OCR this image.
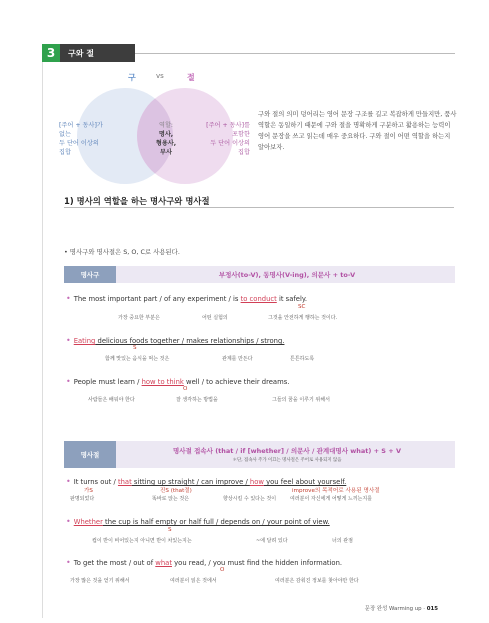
3	구와 절
구	vs	절
[주어 + 동사]가
없는
두 단어 이상의
집합
역할:
명사,
형용사,
부사
[주어 + 동사]를
포함한
두 단어 이상의
집합
구와 절의 의미 덩어리는 영어 문장 구조를 길고 복잡하게 만들지만, 품사역할은 동일하기 때문에 구와 절을 명확하게 구분하고 활용하는 능력이 영어 문장을 쓰고 읽는데 매우 중요하다. 구와 절이 어떤 역할을 하는지 알아보자.
1) 명사의 역할을 하는 명사구와 명사절
• 명사구와 명사절은 S, O, C로 사용된다.
명사구	부정사(to-V), 동명사(V-ing), 의문사 + to-V
• The most important part / of any experiment / is to conduct it safely.
SC
가장 중요한 부분은	어떤 실험의	그것을 안전하게 행하는 것이다.
• Eating delicious foods together / makes relationships / strong.
S
함께 맛있는 음식을 먹는 것은	관계를 만든다	튼튼하도록
• People must learn / how to think well / to achieve their dreams.
O
사람들은 배워야 한다	잘 생각하는 방법을	그들의 꿈을 이루기 위해서
명사절	명사절 접속사 (that / if [whether] / 의문사 / 관계대명사 what) + S + V
＊단, 접속사 주가 이끄는 명사절은 주어로 사용되지 않음
• It turns out / that sitting up straight / can improve / how you feel about yourself.
가S	진S (that절)	improve의 목적어로 사용된 명사절
판명되었다	똑바로 앉는 것은	향상시킬 수 있다는 것이	여러분이 자신에게 어떻게 느끼는지를
• Whether the cup is half empty or half full / depends on / your point of view.
S
컵이 반이 비어있는지 아니면 반이 차있는지는	~에 달려 있다	너의 관점
• To get the most / out of what you read, / you must find the hidden information.
O
가장 많은 것을 얻기 위해서	여러분이 읽은 것에서	여러분은 감춰진 정보를 찾아야만 한다
문장 완성 Warming up · 015
